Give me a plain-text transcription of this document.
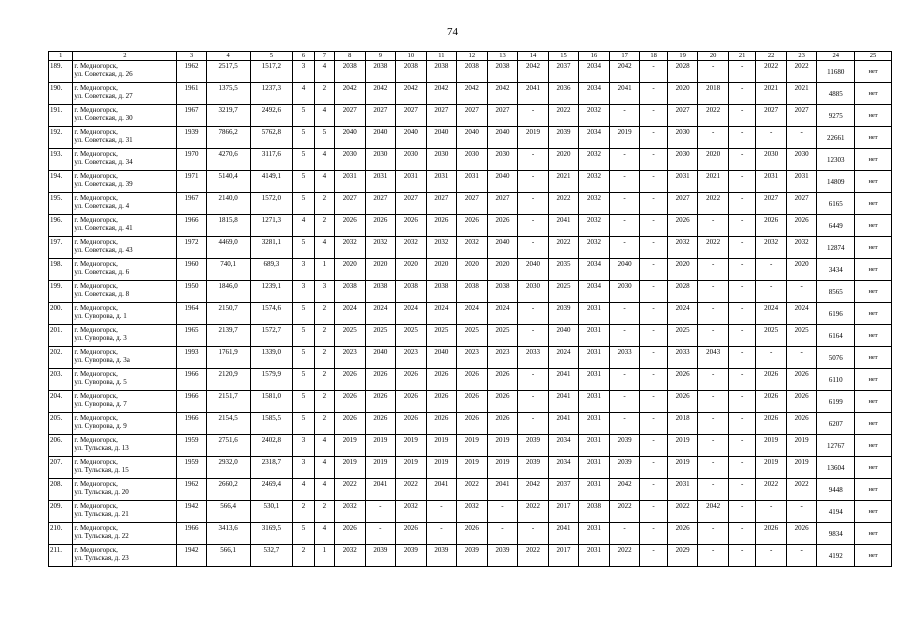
74
1	2	3	4	5	6	7	8	9	10	11	12	13	14	15	16	17	18	19	20	21	22	23	24	25
189.	г. Медногорск,
ул. Советская, д. 26	1962	2517,5	1517,2	3	4	2038	2038	2038	2038	2038	2038	2042	2037	2034	2042	-	2028	-	-	2022	2022	11680	нет
190.	г. Медногорск,
ул. Советская, д. 27	1961	1375,5	1237,3	4	2	2042	2042	2042	2042	2042	2042	2041	2036	2034	2041	-	2020	2018	-	2021	2021	4885	нет
191.	г. Медногорск,
ул. Советская, д. 30	1967	3219,7	2492,6	5	4	2027	2027	2027	2027	2027	2027	-	2022	2032	-	-	2027	2022	-	2027	2027	9275	нет
192.	г. Медногорск,
ул. Советская, д. 31	1939	7866,2	5762,8	5	5	2040	2040	2040	2040	2040	2040	2019	2039	2034	2019	-	2030	-	-	-	-	22661	нет
193.	г. Медногорск,
ул. Советская, д. 34	1970	4270,6	3117,6	5	4	2030	2030	2030	2030	2030	2030	-	2020	2032	-	-	2030	2020	-	2030	2030	12303	нет
194.	г. Медногорск,
ул. Советская, д. 39	1971	5140,4	4149,1	5	4	2031	2031	2031	2031	2031	2040	-	2021	2032	-	-	2031	2021	-	2031	2031	14809	нет
195.	г. Медногорск,
ул. Советская, д. 4	1967	2140,0	1572,0	5	2	2027	2027	2027	2027	2027	2027	-	2022	2032	-	-	2027	2022	-	2027	2027	6165	нет
196.	г. Медногорск,
ул. Советская, д. 41	1966	1815,8	1271,3	4	2	2026	2026	2026	2026	2026	2026	-	2041	2032	-	-	2026	-	-	2026	2026	6449	нет
197.	г. Медногорск,
ул. Советская, д. 43	1972	4469,0	3281,1	5	4	2032	2032	2032	2032	2032	2040	-	2022	2032	-	-	2032	2022	-	2032	2032	12874	нет
198.	г. Медногорск,
ул. Советская, д. 6	1960	740,1	689,3	3	1	2020	2020	2020	2020	2020	2020	2040	2035	2034	2040	-	2020	-	-	-	2020	3434	нет
199.	г. Медногорск,
ул. Советская, д. 8	1950	1846,0	1239,1	3	3	2038	2038	2038	2038	2038	2038	2030	2025	2034	2030	-	2028	-	-	-	-	8565	нет
200.	г. Медногорск,
ул. Суворова, д. 1	1964	2150,7	1574,6	5	2	2024	2024	2024	2024	2024	2024	-	2039	2031	-	-	2024	-	-	2024	2024	6196	нет
201.	г. Медногорск,
ул. Суворова, д. 3	1965	2139,7	1572,7	5	2	2025	2025	2025	2025	2025	2025	-	2040	2031	-	-	2025	-	-	2025	2025	6164	нет
202.	г. Медногорск,
ул. Суворова, д. 3а	1993	1761,9	1339,0	5	2	2023	2040	2023	2040	2023	2023	2033	2024	2031	2033	-	2033	2043	-	-	-	5076	нет
203.	г. Медногорск,
ул. Суворова, д. 5	1966	2120,9	1579,9	5	2	2026	2026	2026	2026	2026	2026	-	2041	2031	-	-	2026	-	-	2026	2026	6110	нет
204.	г. Медногорск,
ул. Суворова, д. 7	1966	2151,7	1581,0	5	2	2026	2026	2026	2026	2026	2026	-	2041	2031	-	-	2026	-	-	2026	2026	6199	нет
205.	г. Медногорск,
ул. Суворова, д. 9	1966	2154,5	1585,5	5	2	2026	2026	2026	2026	2026	2026	-	2041	2031	-	-	2018	-	-	2026	2026	6207	нет
206.	г. Медногорск,
ул. Тульская, д. 13	1959	2751,6	2402,8	3	4	2019	2019	2019	2019	2019	2019	2039	2034	2031	2039	-	2019	-	-	2019	2019	12767	нет
207.	г. Медногорск,
ул. Тульская, д. 15	1959	2932,0	2318,7	3	4	2019	2019	2019	2019	2019	2019	2039	2034	2031	2039	-	2019	-	-	2019	2019	13604	нет
208.	г. Медногорск,
ул. Тульская, д. 20	1962	2660,2	2469,4	4	4	2022	2041	2022	2041	2022	2041	2042	2037	2031	2042	-	2031	-	-	2022	2022	9448	нет
209.	г. Медногорск,
ул. Тульская, д. 21	1942	566,4	530,1	2	2	2032	-	2032	-	2032	-	2022	2017	2038	2022	-	2022	2042	-	-	-	4194	нет
210.	г. Медногорск,
ул. Тульская, д. 22	1966	3413,6	3169,5	5	4	2026	-	2026	-	2026	-	-	2041	2031	-	-	2026	-	-	2026	2026	9834	нет
211.	г. Медногорск,
ул. Тульская, д. 23	1942	566,1	532,7	2	1	2032	2039	2039	2039	2039	2039	2022	2017	2031	2022	-	2029	-	-	-	-	4192	нет
